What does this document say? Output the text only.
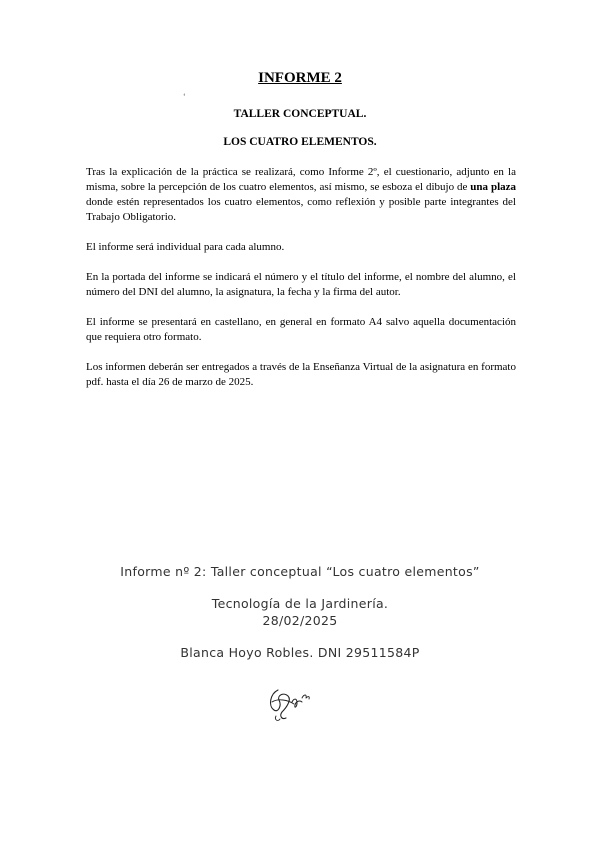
INFORME 2
‘
TALLER CONCEPTUAL.
LOS CUATRO ELEMENTOS.

Tras la explicación de la práctica se realizará, como Informe 2º, el cuestionario, adjunto en la misma, sobre la percepción de los cuatro elementos, así mismo, se esboza el dibujo de una plaza donde estén representados los cuatro elementos, como reflexión y posible parte integrantes del Trabajo Obligatorio.

El informe será individual para cada alumno.

En la portada del informe se indicará el número y el título del informe, el nombre del alumno, el número del DNI del alumno, la asignatura, la fecha y la firma del autor.

El informe se presentará en castellano, en general en formato A4 salvo aquella documentación que requiera otro formato.

Los informen deberán ser entregados a través de la Enseñanza Virtual de la asignatura en formato pdf. hasta el día 26 de marzo de 2025.

Informe nº 2: Taller conceptual “Los cuatro elementos”
Tecnología de la Jardinería.
28/02/2025
Blanca Hoyo Robles. DNI 29511584P
